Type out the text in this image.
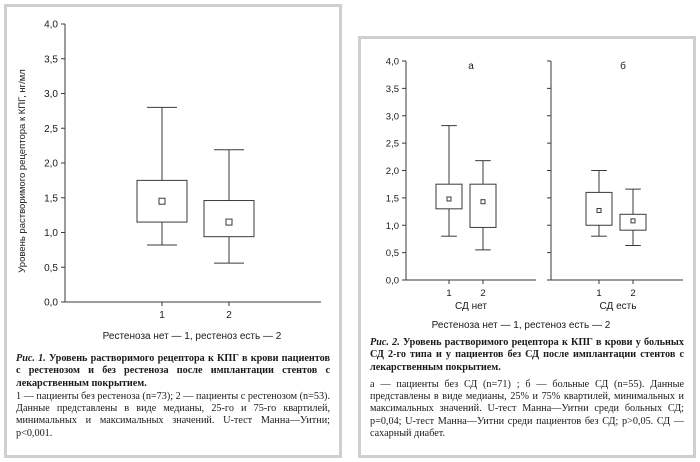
Уровень растворимого рецептора к КПГ, нг/мл
Рестеноза нет — 1, рестеноз есть — 2
0,0
0,5
1,0
1,5
2,0
2,5
3,0
3,5
4,0
1	2
Рис. 1. Уровень растворимого рецептора к КПГ в крови пациентов с рестенозом и без рестеноза после имплантации стентов с лекарственным покрытием.
1 — пациенты без рестеноза (n=73); 2 — пациенты с рестенозом (n=53). Данные представлены в виде медианы, 25-го и 75-го квартилей, минимальных и максимальных значений. U-тест Манна—Уитни; p<0,001.
а	б
СД нет	СД есть
Рестеноза нет — 1, рестеноз есть — 2
0,0
0,5
1,0
1,5
2,0
2,5
3,0
3,5
4,0
1	2	1	2
Рис. 2. Уровень растворимого рецептора к КПГ в крови у больных СД 2-го типа и у пациентов без СД после имплантации стентов с лекарственным покрытием.
а — пациенты без СД (n=71) ; б — больные СД (n=55). Данные представлены в виде медианы, 25% и 75% квартилей, минимальных и максимальных значений. U-тест Манна—Уитни среди больных СД; p=0,04; U-тест Манна—Уитни среди пациентов без СД; p>0,05. СД — сахарный диабет.
